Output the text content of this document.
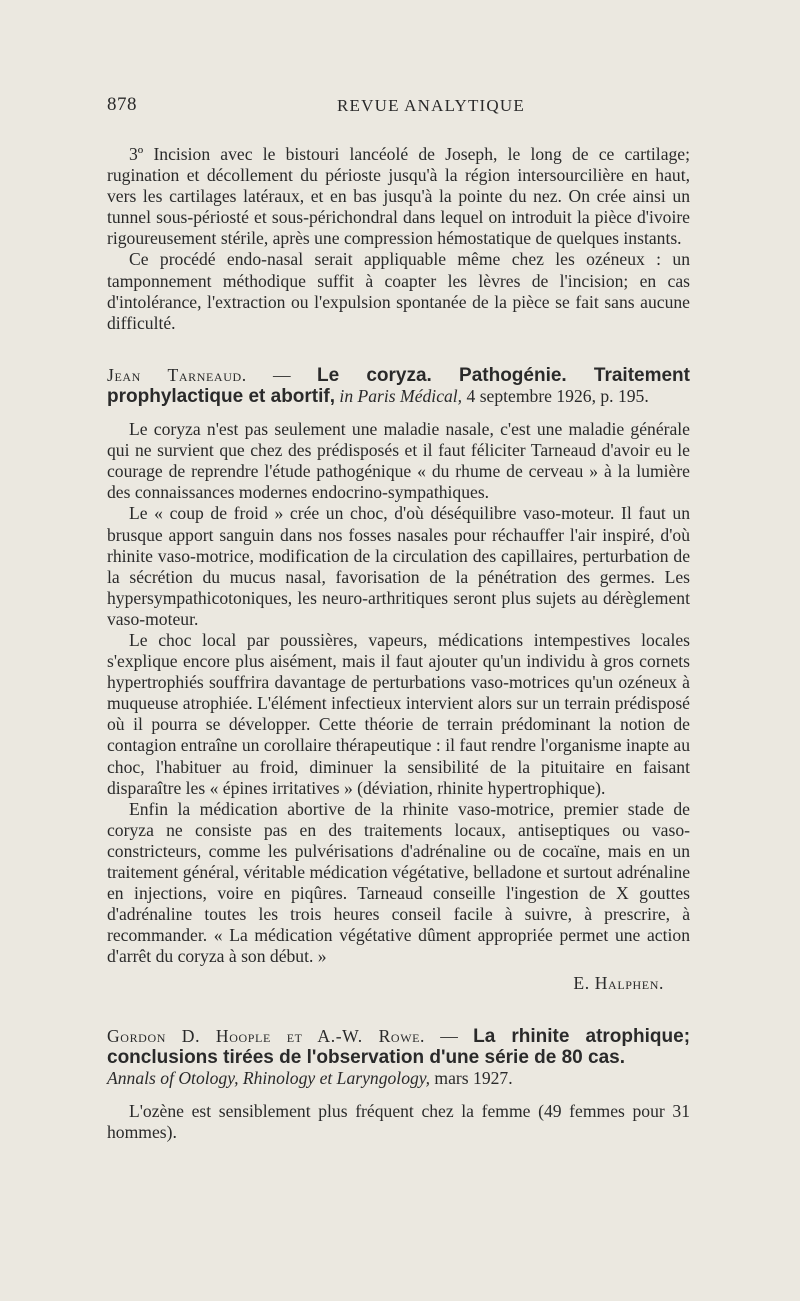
878	REVUE ANALYTIQUE

3º Incision avec le bistouri lancéolé de Joseph, le long de ce cartilage; rugination et décollement du périoste jusqu'à la région intersourcilière en haut, vers les cartilages latéraux, et en bas jusqu'à la pointe du nez. On crée ainsi un tunnel sous-périosté et sous-périchondral dans lequel on introduit la pièce d'ivoire rigoureusement stérile, après une compression hémostatique de quelques instants.

Ce procédé endo-nasal serait appliquable même chez les ozéneux : un tamponnement méthodique suffit à coapter les lèvres de l'incision; en cas d'intolérance, l'extraction ou l'expulsion spontanée de la pièce se fait sans aucune difficulté.

Jean Tarneaud. — Le coryza. Pathogénie. Traitement prophylactique et abortif, in Paris Médical, 4 septembre 1926, p. 195.

Le coryza n'est pas seulement une maladie nasale, c'est une maladie générale qui ne survient que chez des prédisposés et il faut féliciter Tarneaud d'avoir eu le courage de reprendre l'étude pathogénique « du rhume de cerveau » à la lumière des connaissances modernes endocrino-sympathiques.

Le « coup de froid » crée un choc, d'où déséquilibre vaso-moteur. Il faut un brusque apport sanguin dans nos fosses nasales pour réchauffer l'air inspiré, d'où rhinite vaso-motrice, modification de la circulation des capillaires, perturbation de la sécrétion du mucus nasal, favorisation de la pénétration des germes. Les hypersympathicotoniques, les neuro-arthritiques seront plus sujets au dérèglement vaso-moteur.

Le choc local par poussières, vapeurs, médications intempestives locales s'explique encore plus aisément, mais il faut ajouter qu'un individu à gros cornets hypertrophiés souffrira davantage de perturbations vaso-motrices qu'un ozéneux à muqueuse atrophiée. L'élément infectieux intervient alors sur un terrain prédisposé où il pourra se développer. Cette théorie de terrain prédominant la notion de contagion entraîne un corollaire thérapeutique : il faut rendre l'organisme inapte au choc, l'habituer au froid, diminuer la sensibilité de la pituitaire en faisant disparaître les « épines irritatives » (déviation, rhinite hypertrophique).

Enfin la médication abortive de la rhinite vaso-motrice, premier stade de coryza ne consiste pas en des traitements locaux, antiseptiques ou vaso-constricteurs, comme les pulvérisations d'adrénaline ou de cocaïne, mais en un traitement général, véritable médication végétative, belladone et surtout adrénaline en injections, voire en piqûres. Tarneaud conseille l'ingestion de X gouttes d'adrénaline toutes les trois heures conseil facile à suivre, à prescrire, à recommander. « La médication végétative dûment appropriée permet une action d'arrêt du coryza à son début. »

E. Halphen.

Gordon D. Hoople et A.-W. Rowe. — La rhinite atrophique; conclusions tirées de l'observation d'une série de 80 cas.
Annals of Otology, Rhinology et Laryngology, mars 1927.

L'ozène est sensiblement plus fréquent chez la femme (49 femmes pour 31 hommes).
